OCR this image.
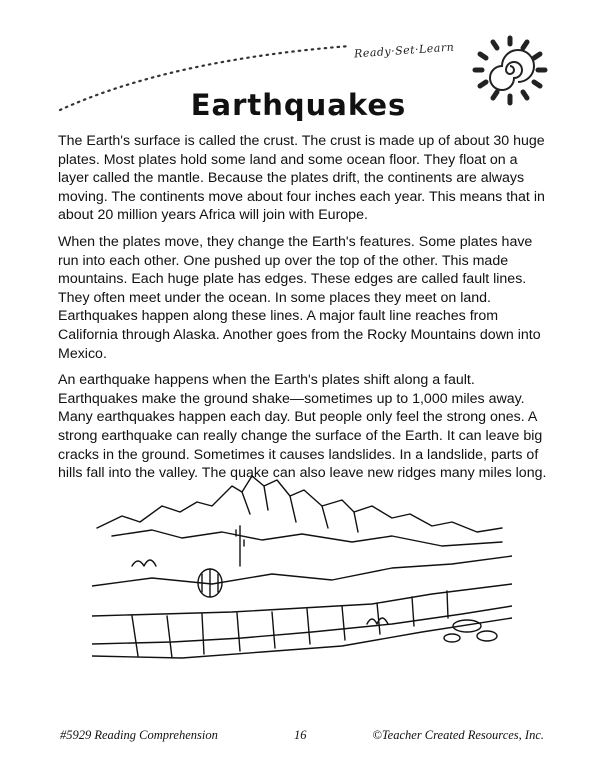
Ready·Set·Learn
Earthquakes

The Earth's surface is called the crust. The crust is made up of about 30 huge plates. Most plates hold some land and some ocean floor. They float on a layer called the mantle. Because the plates drift, the continents are always moving. The continents move about four inches each year. This means that in about 20 million years Africa will join with Europe.

When the plates move, they change the Earth's features. Some plates have run into each other. One pushed up over the top of the other. This made mountains. Each huge plate has edges. These edges are called fault lines. They often meet under the ocean. In some places they meet on land. Earthquakes happen along these lines. A major fault line reaches from California through Alaska. Another goes from the Rocky Mountains down into Mexico.

An earthquake happens when the Earth's plates shift along a fault. Earthquakes make the ground shake—sometimes up to 1,000 miles away. Many earthquakes happen each day. But people only feel the strong ones. A strong earthquake can really change the surface of the Earth. It can leave big cracks in the ground. Sometimes it causes landslides. In a landslide, parts of hills fall into the valley. The quake can also leave new ridges many miles long.

#5929 Reading Comprehension	16	©Teacher Created Resources, Inc.
